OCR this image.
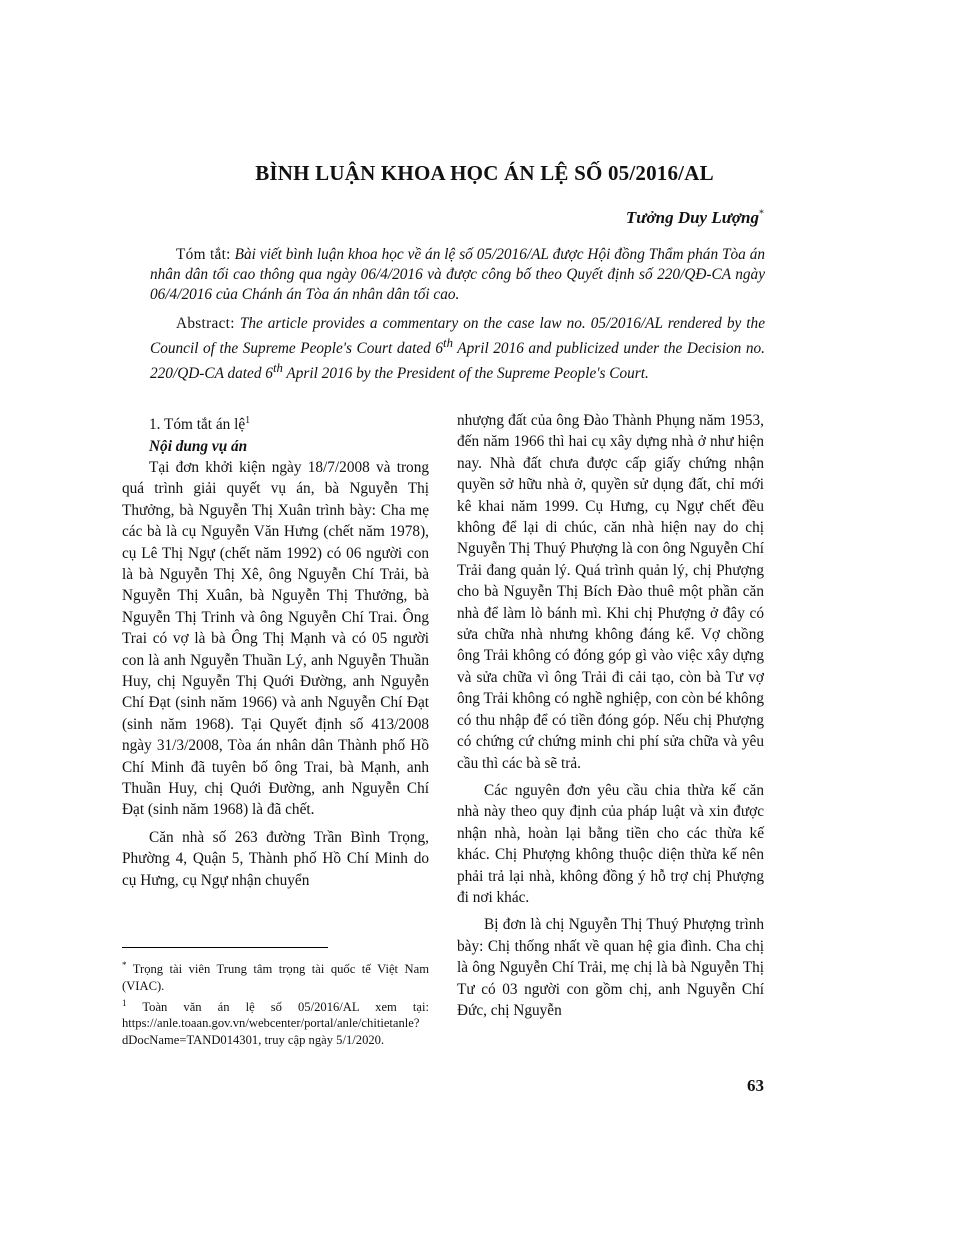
BÌNH LUẬN KHOA HỌC ÁN LỆ SỐ 05/2016/AL
Tưởng Duy Lượng*
Tóm tắt: Bài viết bình luận khoa học về án lệ số 05/2016/AL được Hội đồng Thẩm phán Tòa án nhân dân tối cao thông qua ngày 06/4/2016 và được công bố theo Quyết định số 220/QĐ-CA ngày 06/4/2016 của Chánh án Tòa án nhân dân tối cao.
Abstract: The article provides a commentary on the case law no. 05/2016/AL rendered by the Council of the Supreme People's Court dated 6th April 2016 and publicized under the Decision no. 220/QD-CA dated 6th April 2016 by the President of the Supreme People's Court.

1. Tóm tắt án lệ$^1$

Nội dung vụ án

Tại đơn khởi kiện ngày 18/7/2008 và trong quá trình giải quyết vụ án, bà Nguyễn Thị Thưởng, bà Nguyễn Thị Xuân trình bày: Cha mẹ các bà là cụ Nguyễn Văn Hưng (chết năm 1978), cụ Lê Thị Ngự (chết năm 1992) có 06 người con là bà Nguyễn Thị Xê, ông Nguyễn Chí Trải, bà Nguyễn Thị Xuân, bà Nguyễn Thị Thưởng, bà Nguyễn Thị Trinh và ông Nguyễn Chí Trai. Ông Trai có vợ là bà Ông Thị Mạnh và có 05 người con là anh Nguyễn Thuần Lý, anh Nguyễn Thuần Huy, chị Nguyễn Thị Quới Đường, anh Nguyễn Chí Đạt (sinh năm 1966) và anh Nguyễn Chí Đạt (sinh năm 1968). Tại Quyết định số 413/2008 ngày 31/3/2008, Tòa án nhân dân Thành phố Hồ Chí Minh đã tuyên bố ông Trai, bà Mạnh, anh Thuần Huy, chị Quới Đường, anh Nguyễn Chí Đạt (sinh năm 1968) là đã chết.

Căn nhà số 263 đường Trần Bình Trọng, Phường 4, Quận 5, Thành phố Hồ Chí Minh do cụ Hưng, cụ Ngự nhận chuyển

nhượng đất của ông Đào Thành Phụng năm 1953, đến năm 1966 thì hai cụ xây dựng nhà ở như hiện nay. Nhà đất chưa được cấp giấy chứng nhận quyền sở hữu nhà ở, quyền sử dụng đất, chỉ mới kê khai năm 1999. Cụ Hưng, cụ Ngự chết đều không để lại di chúc, căn nhà hiện nay do chị Nguyễn Thị Thuý Phượng là con ông Nguyễn Chí Trải đang quản lý. Quá trình quản lý, chị Phượng cho bà Nguyễn Thị Bích Đào thuê một phần căn nhà để làm lò bánh mì. Khi chị Phượng ở đây có sửa chữa nhà nhưng không đáng kể. Vợ chồng ông Trải không có đóng góp gì vào việc xây dựng và sửa chữa vì ông Trải đi cải tạo, còn bà Tư vợ ông Trải không có nghề nghiệp, con còn bé không có thu nhập để có tiền đóng góp. Nếu chị Phượng có chứng cứ chứng minh chi phí sửa chữa và yêu cầu thì các bà sẽ trả.

Các nguyên đơn yêu cầu chia thừa kế căn nhà này theo quy định của pháp luật và xin được nhận nhà, hoàn lại bằng tiền cho các thừa kế khác. Chị Phượng không thuộc diện thừa kế nên phải trả lại nhà, không đồng ý hỗ trợ chị Phượng đi nơi khác.

Bị đơn là chị Nguyễn Thị Thuý Phượng trình bày: Chị thống nhất về quan hệ gia đình. Cha chị là ông Nguyễn Chí Trải, mẹ chị là bà Nguyễn Thị Tư có 03 người con gồm chị, anh Nguyễn Chí Đức, chị Nguyễn

* Trọng tài viên Trung tâm trọng tài quốc tế Việt Nam (VIAC).

$^1$ Toàn văn án lệ số 05/2016/AL xem tại: https://anle.toaan.gov.vn/webcenter/portal/anle/chitietanle?dDocName=TAND014301, truy cập ngày 5/1/2020.

63
